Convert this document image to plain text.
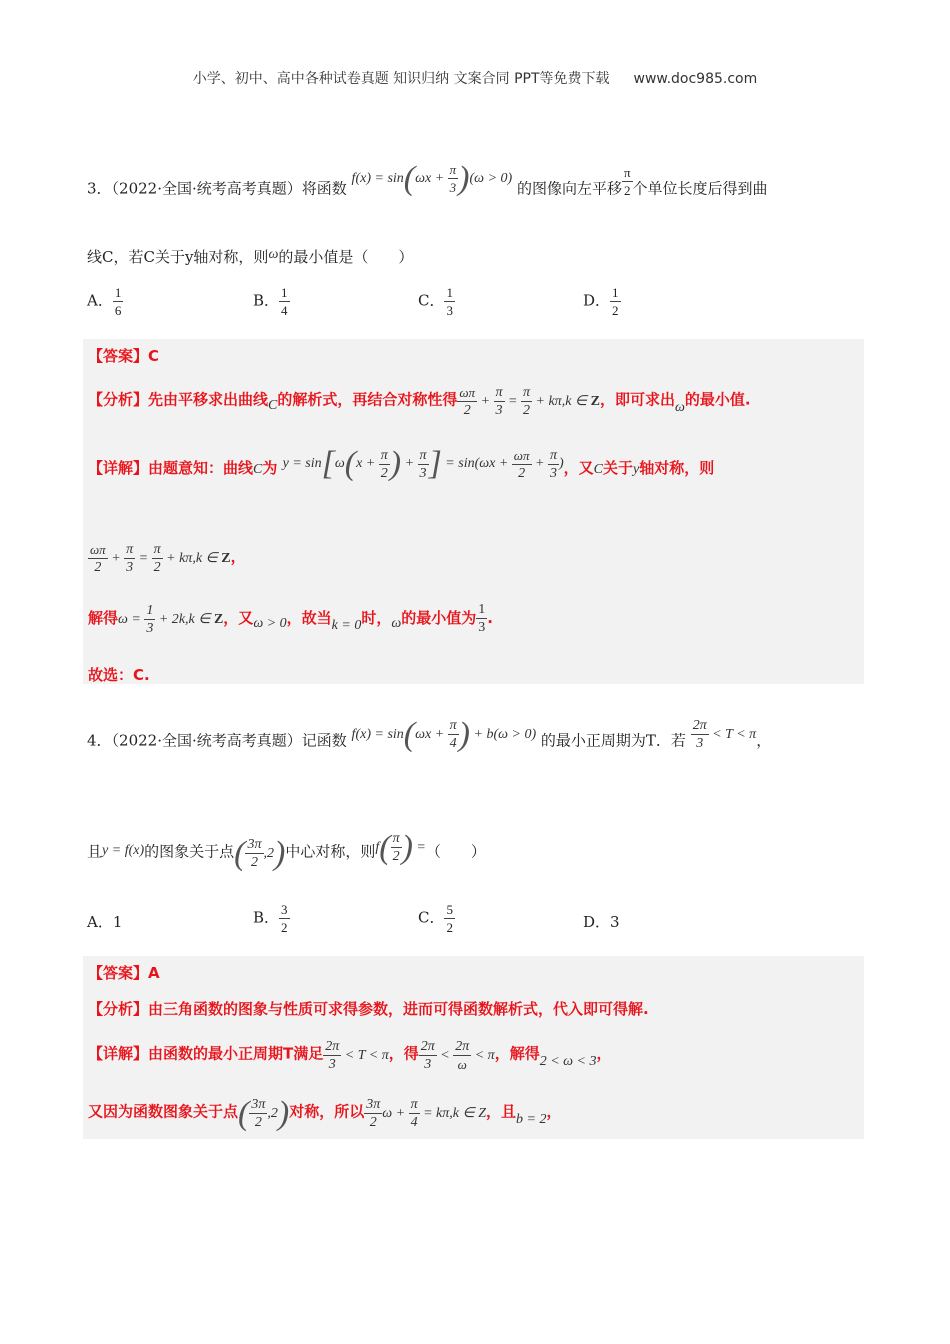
小学、初中、高中各种试卷真题 知识归纳 文案合同 PPT等免费下载 www.doc985.com
3．（2022·全国·统考高考真题）将函数 $f(x) = \sin(\omega x + \frac{\pi}{3} )(\omega > 0)$ 的图像向左平移 $\frac{\pi}{2}$ 个单位长度后得到曲
线C，若C关于y轴对称，则ω的最小值是（　　）
A． $\frac{1}{6}$	B． $\frac{1}{4}$	C． $\frac{1}{3}$	D． $\frac{1}{2}$
【答案】C
【分析】先由平移求出曲线C的解析式，再结合对称性得 $\frac{\omega\pi}{2} + \frac{\pi}{3} = \frac{\pi}{2} + k\pi,k$ ∈ Z，即可求出ω的最小值.
【详解】由题意知：曲线C为 $y = \sin[\omega(x + \frac{\pi}{2}$ ) + $\frac{\pi}{3}$ ] = $\sin(\omega x + \frac{\omega\pi}{2} + \frac{\pi}{3}$ )，又C关于y轴对称，则
$\frac{\omega\pi}{2} + \frac{\pi}{3} = \frac{\pi}{2} + k\pi,k$ ∈ Z，
解得$\omega = \frac{1}{3} + 2k,k$ ∈ Z，又ω > 0，故当k = 0时，ω的最小值为 $\frac{1}{3}$ .
故选：C.
4．（2022·全国·统考高考真题）记函数 $f(x) = \sin(\omega x + \frac{\pi}{4}$ ) + b(ω > 0) 的最小正周期为T．若 $\frac{2\pi}{3} < T < \pi$，
且y = f(x)的图象关于点( $\frac{3\pi}{2} ,2$)中心对称，则$f( \frac{\pi}{2}$ ) =（　　）
A．1	B． $\frac{3}{2}$	C． $\frac{5}{2}$	D．3
【答案】A
【分析】由三角函数的图象与性质可求得参数，进而可得函数解析式，代入即可得解.
【详解】由函数的最小正周期T满足 $\frac{2\pi}{3} < T < \pi$，得 $\frac{2\pi}{3} < \frac{2\pi}{\omega} < \pi$，解得2 < ω < 3，
又因为函数图象关于点( $\frac{3\pi}{2} ,2$)对称，所以 $\frac{3\pi}{2}$ $\omega + \frac{\pi}{4} = k\pi,k$ ∈ Z，且b = 2，
